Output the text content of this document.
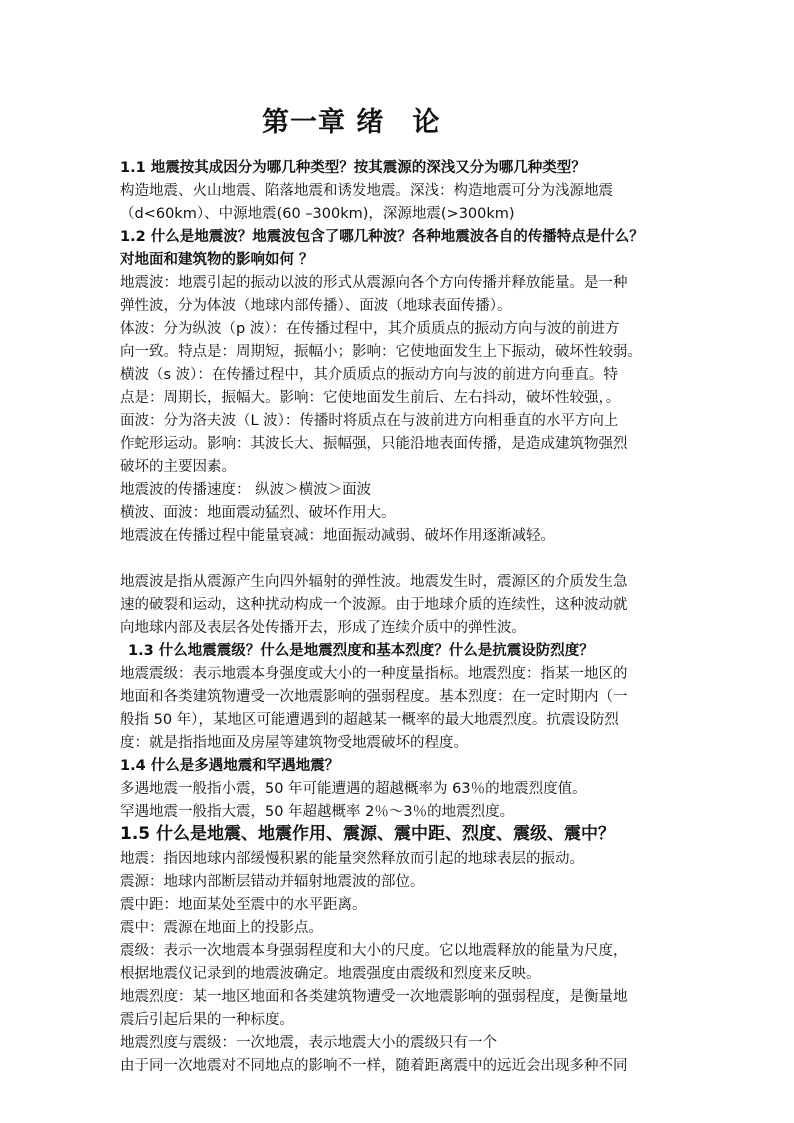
第一章 绪　论

1.1 地震按其成因分为哪几种类型？按其震源的深浅又分为哪几种类型？

构造地震、火山地震、陷落地震和诱发地震。深浅：构造地震可分为浅源地震

（d<60km）、中源地震(60 –300km)，深源地震(>300km)

1.2 什么是地震波？地震波包含了哪几种波？各种地震波各自的传播特点是什么？

对地面和建筑物的影响如何 ？

地震波：地震引起的振动以波的形式从震源向各个方向传播并释放能量。是一种

弹性波，分为体波（地球内部传播）、面波（地球表面传播）。

体波：分为纵波（p 波）：在传播过程中，其介质质点的振动方向与波的前进方

向一致。特点是：周期短，振幅小；影响：它使地面发生上下振动，破坏性较弱。

横波（s 波）：在传播过程中，其介质质点的振动方向与波的前进方向垂直。特

点是：周期长，振幅大。影响：它使地面发生前后、左右抖动，破坏性较强，。

面波：分为洛夫波（L 波）：传播时将质点在与波前进方向相垂直的水平方向上

作蛇形运动。影响：其波长大、振幅强，只能沿地表面传播，是造成建筑物强烈

破坏的主要因素。

地震波的传播速度： 纵波＞横波＞面波

横波、面波：地面震动猛烈、破坏作用大。

地震波在传播过程中能量衰减：地面振动减弱、破坏作用逐渐减轻。

地震波是指从震源产生向四外辐射的弹性波。地震发生时，震源区的介质发生急

速的破裂和运动，这种扰动构成一个波源。由于地球介质的连续性，这种波动就

向地球内部及表层各处传播开去，形成了连续介质中的弹性波。

1.3 什么地震震级？什么是地震烈度和基本烈度？什么是抗震设防烈度？

地震震级：表示地震本身强度或大小的一种度量指标。地震烈度：指某一地区的

地面和各类建筑物遭受一次地震影响的强弱程度。基本烈度：在一定时期内（一

般指 50 年），某地区可能遭遇到的超越某一概率的最大地震烈度。抗震设防烈

度：就是指指地面及房屋等建筑物受地震破坏的程度。

1.4 什么是多遇地震和罕遇地震？

多遇地震一般指小震，50 年可能遭遇的超越概率为 63％的地震烈度值。

罕遇地震一般指大震，50 年超越概率 2％～3％的地震烈度。

1.5 什么是地震、地震作用、震源、震中距、烈度、震级、震中？

地震：指因地球内部缓慢积累的能量突然释放而引起的地球表层的振动。

震源：地球内部断层错动并辐射地震波的部位。

震中距：地面某处至震中的水平距离。

震中：震源在地面上的投影点。

震级：表示一次地震本身强弱程度和大小的尺度。它以地震释放的能量为尺度，

根据地震仪记录到的地震波确定。地震强度由震级和烈度来反映。

地震烈度：某一地区地面和各类建筑物遭受一次地震影响的强弱程度，是衡量地

震后引起后果的一种标度。

地震烈度与震级：一次地震，表示地震大小的震级只有一个

由于同一次地震对不同地点的影响不一样，随着距离震中的远近会出现多种不同
